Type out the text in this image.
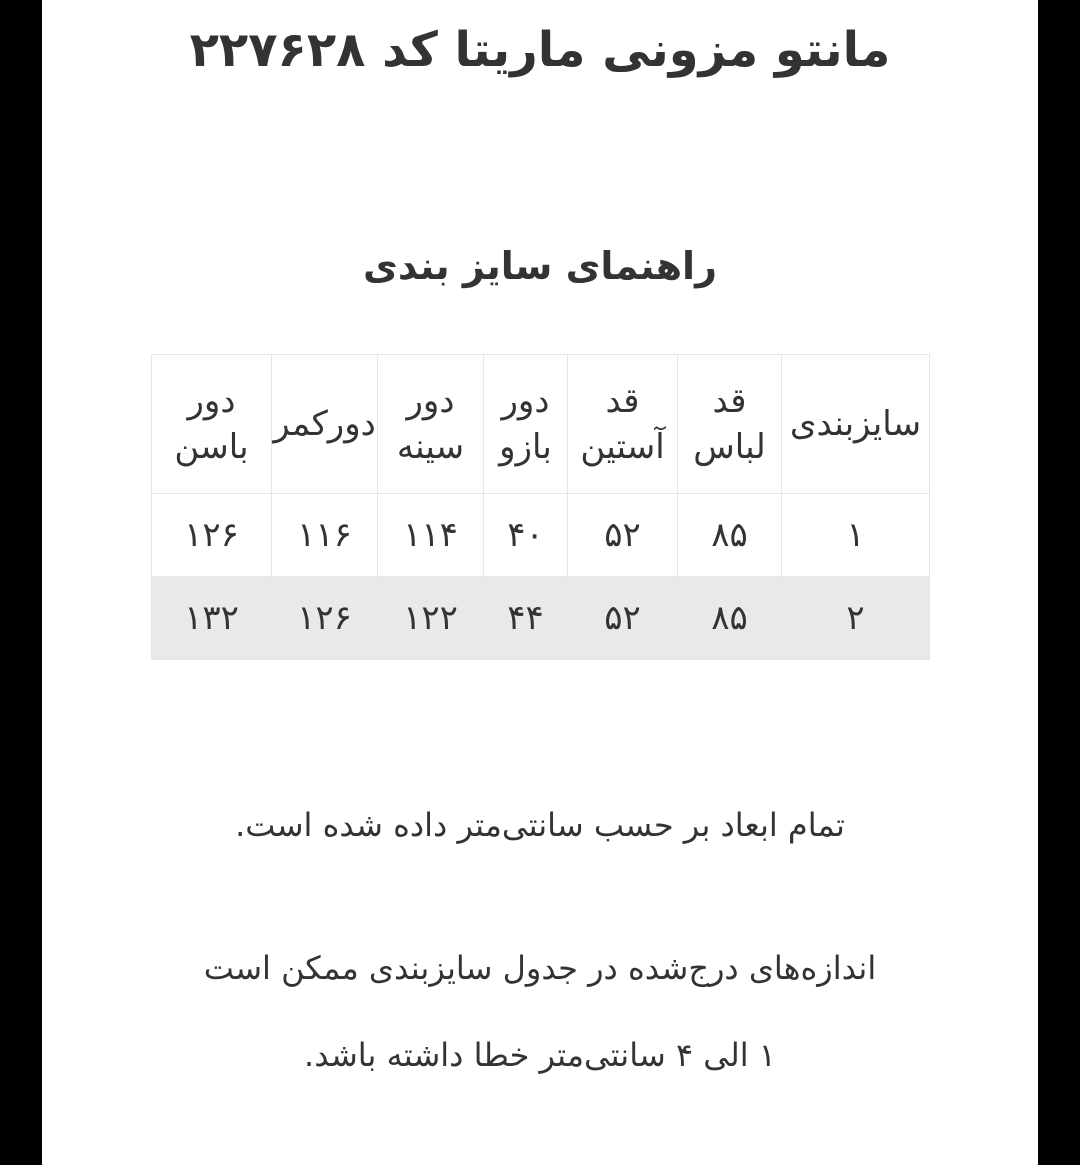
مانتو مزونی ماریتا کد ۲۲۷۶۲۸
راهنمای سایز بندی
سایزبندی	قد لباس	قد آستین	دور بازو	دور سینه	دورکمر	دور باسن
۱	۸۵	۵۲	۴۰	۱۱۴	۱۱۶	۱۲۶
۲	۸۵	۵۲	۴۴	۱۲۲	۱۲۶	۱۳۲
تمام ابعاد بر حسب سانتی‌متر داده شده است.
اندازه‌های درج‌شده در جدول سایزبندی ممکن است
۱ الی ۴ سانتی‌متر خطا داشته باشد.
